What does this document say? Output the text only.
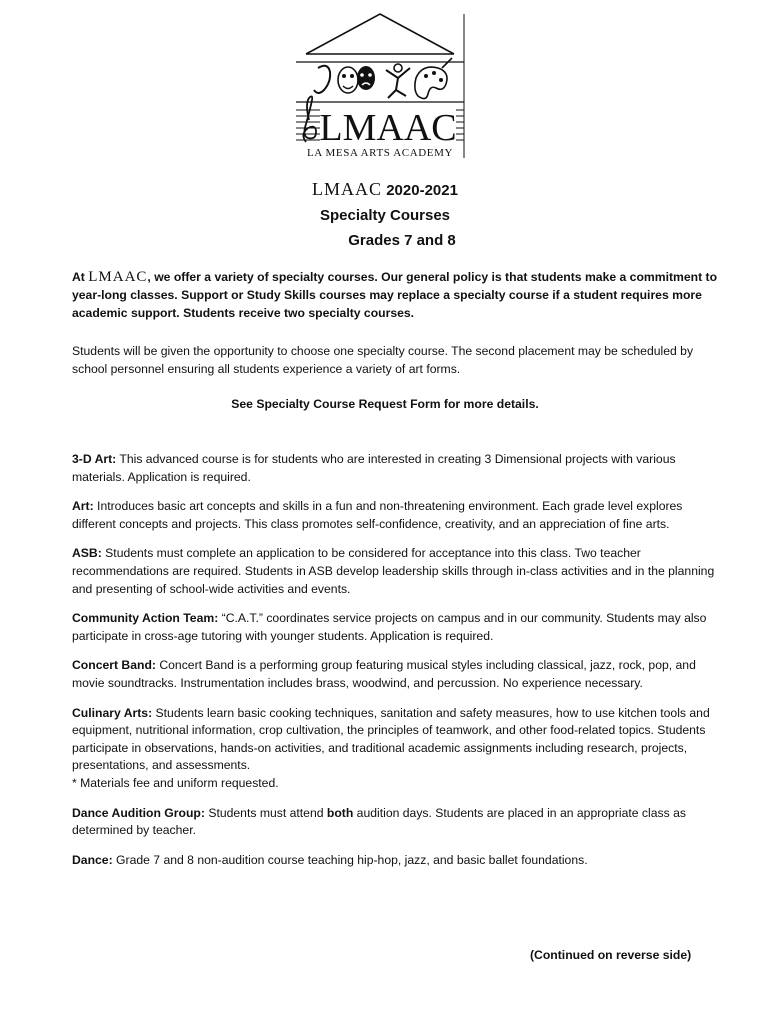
LMAAC
LA MESA ARTS ACADEMY
LMAAC 2020-2021
Specialty Courses
Grades 7 and 8
At LMAAC, we offer a variety of specialty courses. Our general policy is that students make a commitment to year-long classes. Support or Study Skills courses may replace a specialty course if a student requires more academic support. Students receive two specialty courses.
Students will be given the opportunity to choose one specialty course. The second placement may be scheduled by school personnel ensuring all students experience a variety of art forms.
See Specialty Course Request Form for more details.

3-D Art: This advanced course is for students who are interested in creating 3 Dimensional projects with various materials. Application is required.

Art: Introduces basic art concepts and skills in a fun and non-threatening environment. Each grade level explores different concepts and projects. This class promotes self-confidence, creativity, and an appreciation of fine arts.

ASB: Students must complete an application to be considered for acceptance into this class. Two teacher recommendations are required. Students in ASB develop leadership skills through in-class activities and in the planning and presenting of school-wide activities and events.

Community Action Team: “C.A.T.” coordinates service projects on campus and in our community. Students may also participate in cross-age tutoring with younger students. Application is required.

Concert Band: Concert Band is a performing group featuring musical styles including classical, jazz, rock, pop, and movie soundtracks. Instrumentation includes brass, woodwind, and percussion. No experience necessary.

Culinary Arts: Students learn basic cooking techniques, sanitation and safety measures, how to use kitchen tools and equipment, nutritional information, crop cultivation, the principles of teamwork, and other food-related topics. Students participate in observations, hands-on activities, and traditional academic assignments including research, projects, presentations, and assessments.
* Materials fee and uniform requested.

Dance Audition Group: Students must attend both audition days. Students are placed in an appropriate class as determined by teacher.

Dance: Grade 7 and 8 non-audition course teaching hip-hop, jazz, and basic ballet foundations.

(Continued on reverse side)
